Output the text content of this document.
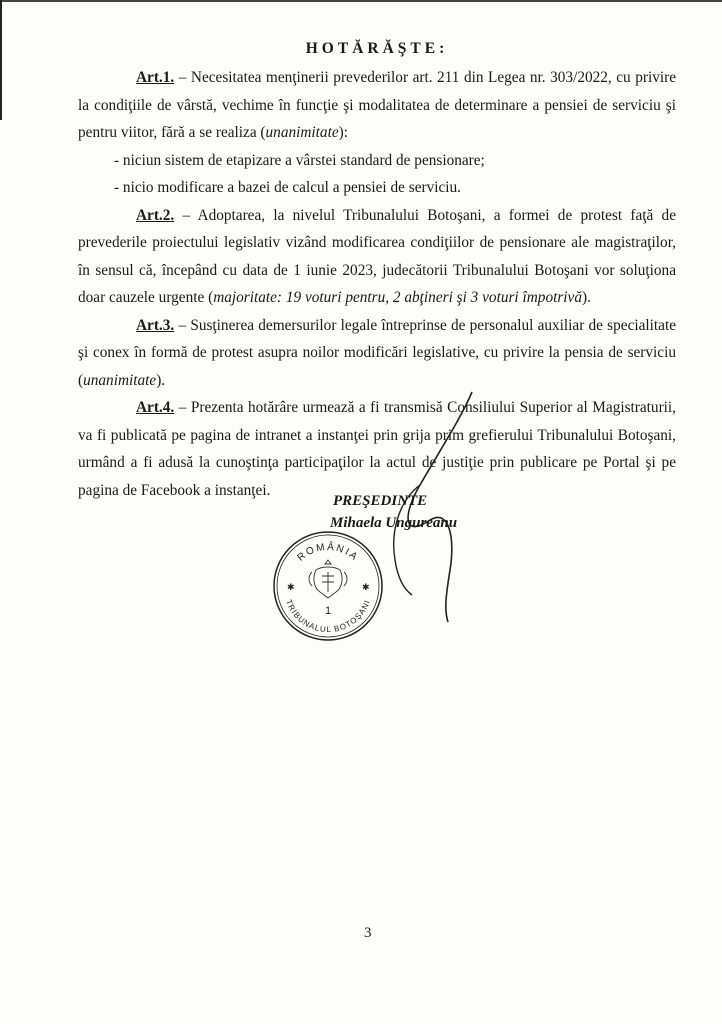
HOTĂRĂŞTE:

Art.1. – Necesitatea menţinerii prevederilor art. 211 din Legea nr. 303/2022, cu privire la condiţiile de vârstă, vechime în funcţie şi modalitatea de determinare a pensiei de serviciu şi pentru viitor, fără a se realiza (unanimitate):

- niciun sistem de etapizare a vârstei standard de pensionare;

- nicio modificare a bazei de calcul a pensiei de serviciu.

Art.2. – Adoptarea, la nivelul Tribunalului Botoşani, a formei de protest faţă de prevederile proiectului legislativ vizând modificarea condiţiilor de pensionare ale magistraţilor, în sensul că, începând cu data de 1 iunie 2023, judecătorii Tribunalului Botoşani vor soluţiona doar cauzele urgente (majoritate: 19 voturi pentru, 2 abţineri şi 3 voturi împotrivă).

Art.3. – Susţinerea demersurilor legale întreprinse de personalul auxiliar de specialitate şi conex în formă de protest asupra noilor modificări legislative, cu privire la pensia de serviciu (unanimitate).

Art.4. – Prezenta hotărâre urmează a fi transmisă Consiliului Superior al Magistraturii, va fi publicată pe pagina de intranet a instanţei prin grija prim grefierului Tribunalului Botoşani, urmând a fi adusă la cunoştinţa participaţilor la actul de justiţie prin publicare pe Portal şi pe pagina de Facebook a instanţei.

PREŞEDINTE
Mihaela Ungureanu
ROMÂNIA
TRIBUNALUL BOTOŞANI
✱	✱
1
3
